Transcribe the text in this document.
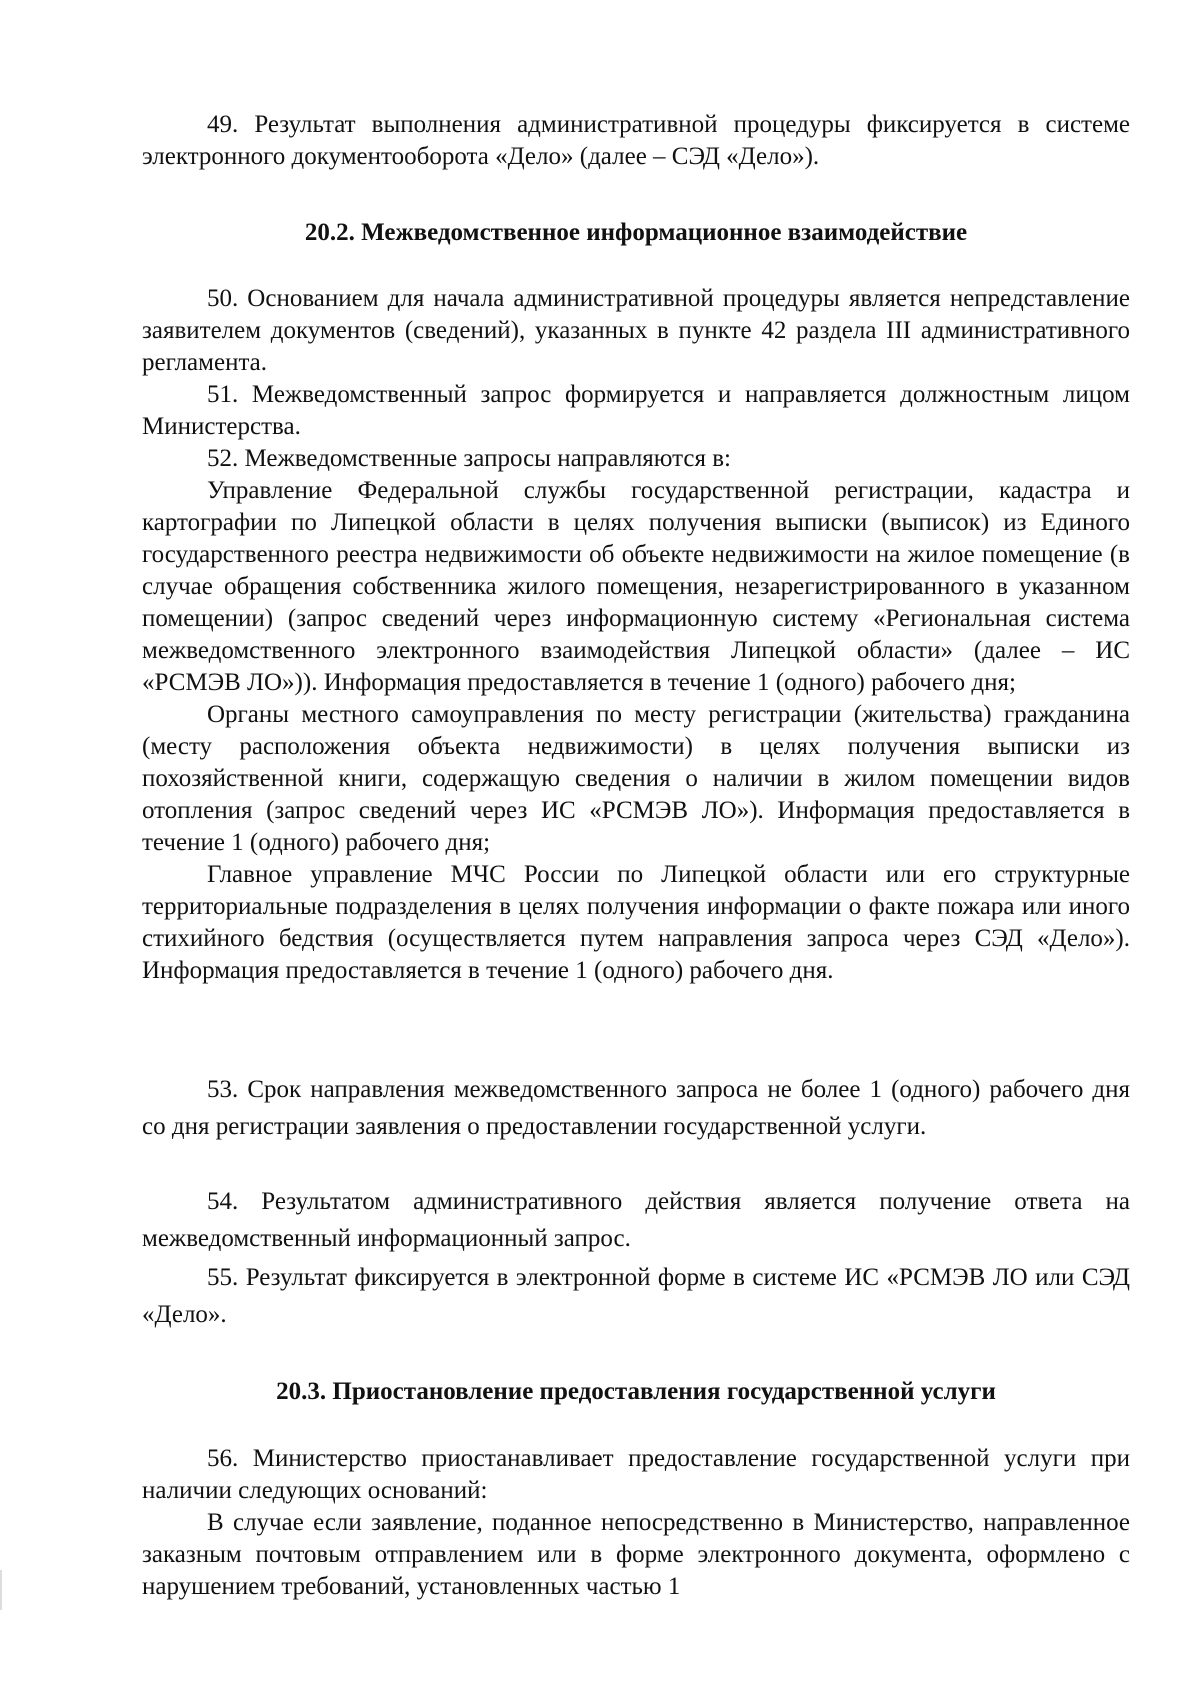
49. Результат выполнения административной процедуры фиксируется в системе электронного документооборота «Дело» (далее – СЭД «Дело»).

20.2. Межведомственное информационное взаимодействие

50. Основанием для начала административной процедуры является непредставление заявителем документов (сведений), указанных в пункте 42 раздела III административного регламента.

51. Межведомственный запрос формируется и направляется должностным лицом Министерства.

52. Межведомственные запросы направляются в:

Управление Федеральной службы государственной регистрации, кадастра и картографии по Липецкой области в целях получения выписки (выписок) из Единого государственного реестра недвижимости об объекте недвижимости на жилое помещение (в случае обращения собственника жилого помещения, незарегистрированного в указанном помещении) (запрос сведений через информационную систему «Региональная система межведомственного электронного взаимодействия Липецкой области» (далее – ИС «РСМЭВ ЛО»)). Информация предоставляется в течение 1 (одного) рабочего дня;

Органы местного самоуправления по месту регистрации (жительства) гражданина (месту расположения объекта недвижимости) в целях получения выписки из похозяйственной книги, содержащую сведения о наличии в жилом помещении видов отопления (запрос сведений через ИС «РСМЭВ ЛО»). Информация предоставляется в течение 1 (одного) рабочего дня;

Главное управление МЧС России по Липецкой области или его структурные территориальные подразделения в целях получения информации о факте пожара или иного стихийного бедствия (осуществляется путем направления запроса через СЭД «Дело»). Информация предоставляется в течение 1 (одного) рабочего дня.

53. Срок направления межведомственного запроса не более 1 (одного) рабочего дня со дня регистрации заявления о предоставлении государственной услуги.

54. Результатом административного действия является получение ответа на межведомственный информационный запрос.

55. Результат фиксируется в электронной форме в системе ИС «РСМЭВ ЛО или СЭД «Дело».

20.3. Приостановление предоставления государственной услуги

56. Министерство приостанавливает предоставление государственной услуги при наличии следующих оснований:

В случае если заявление, поданное непосредственно в Министерство, направленное заказным почтовым отправлением или в форме электронного документа, оформлено с нарушением требований, установленных частью 1
